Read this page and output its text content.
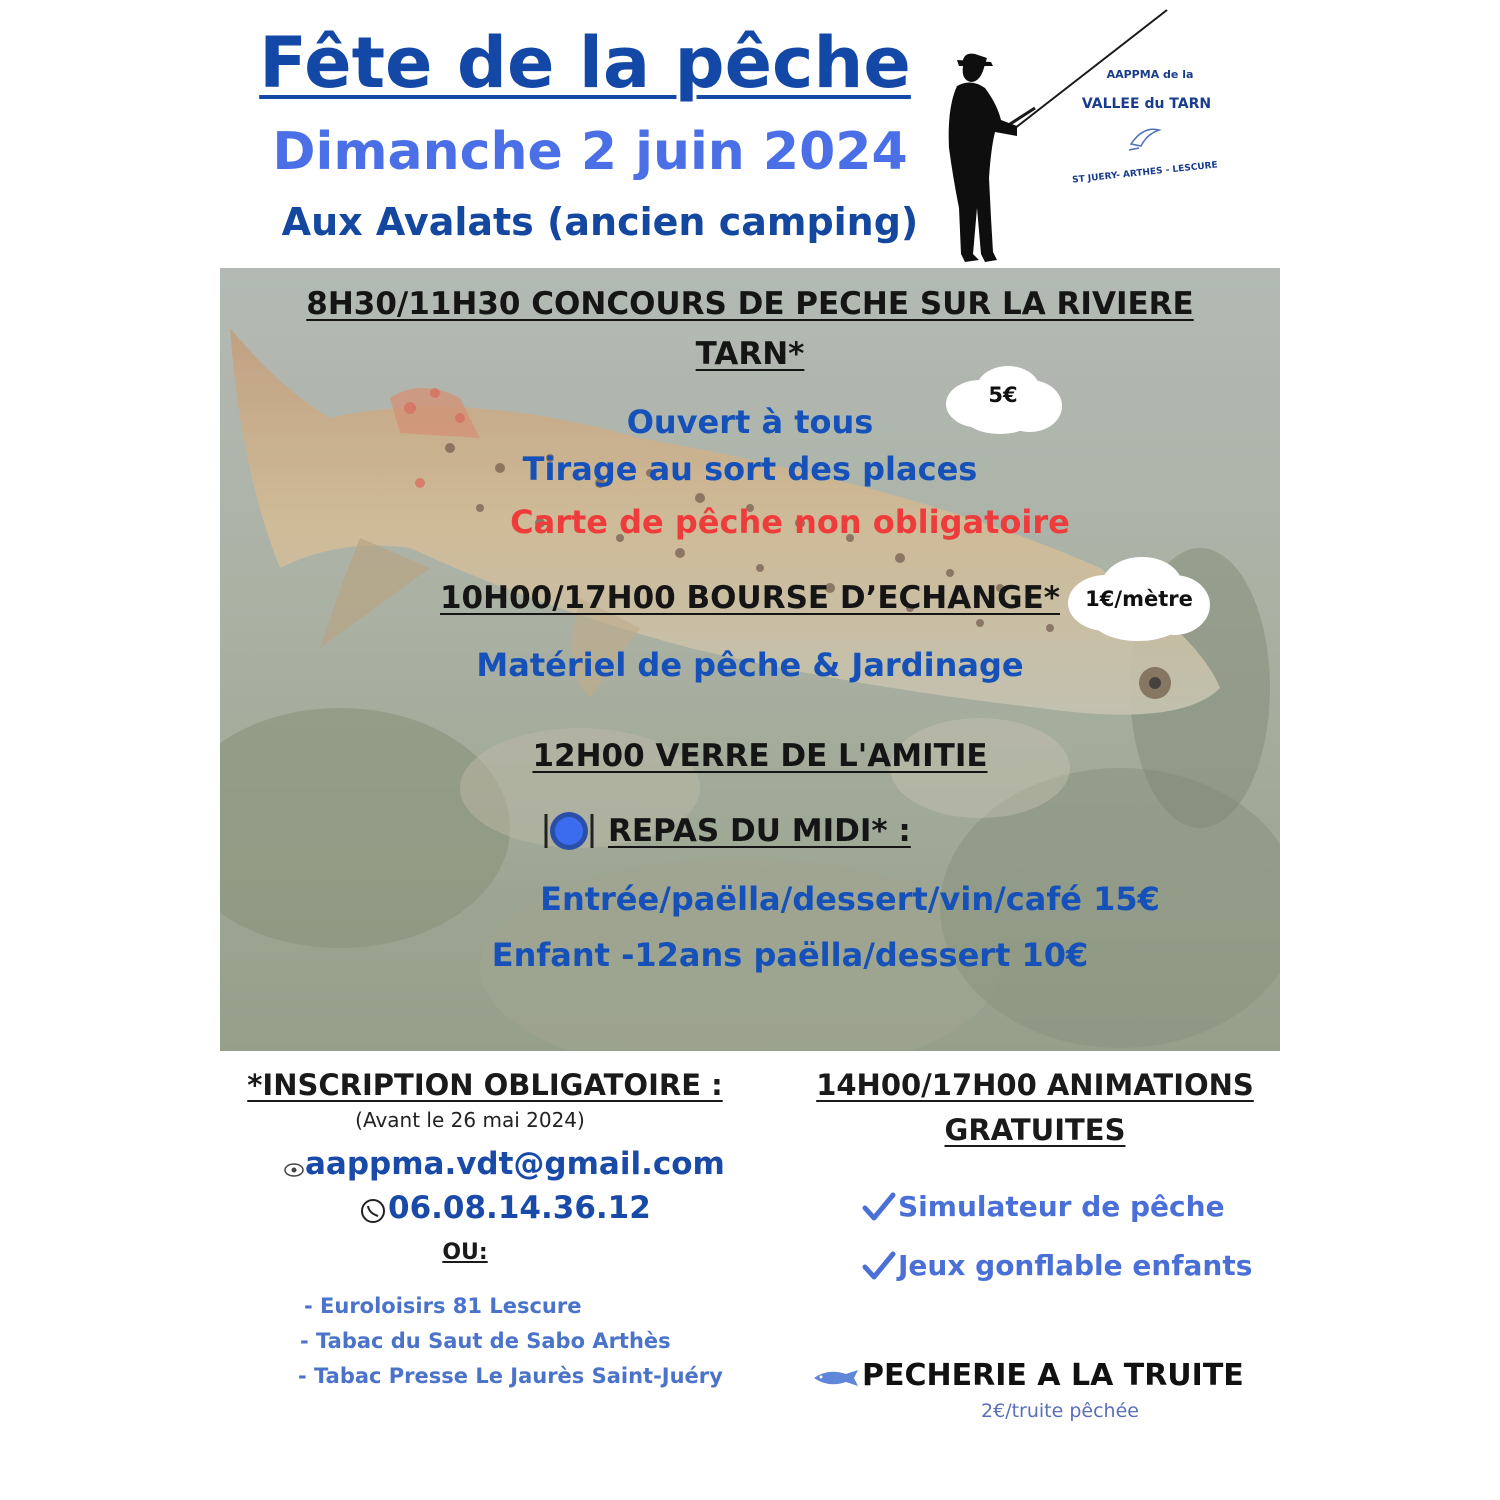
Fête de la pêche
Dimanche 2 juin 2024
Aux Avalats (ancien camping)
AAPPMA de la
VALLEE du TARN
ST JUERY- ARTHES - LESCURE
8H30/11H30 CONCOURS DE PECHE SUR LA RIVIERE
TARN*
5€
Ouvert à tous
Tirage au sort des places
Carte de pêche non obligatoire
10H00/17H00 BOURSE D’ECHANGE*	1€/mètre
Matériel de pêche & Jardinage
12H00 VERRE DE L'AMITIE
REPAS DU MIDI* :
Entrée/paëlla/dessert/vin/café 15€
Enfant -12ans paëlla/dessert 10€
*INSCRIPTION OBLIGATOIRE :
(Avant le 26 mai 2024)
aappma.vdt@gmail.com
06.08.14.36.12
OU:
- Euroloisirs 81 Lescure
- Tabac du Saut de Sabo Arthès
- Tabac Presse Le Jaurès Saint-Juéry
14H00/17H00 ANIMATIONS
GRATUITES
Simulateur de pêche
Jeux gonflable enfants
PECHERIE A LA TRUITE
2€/truite pêchée
